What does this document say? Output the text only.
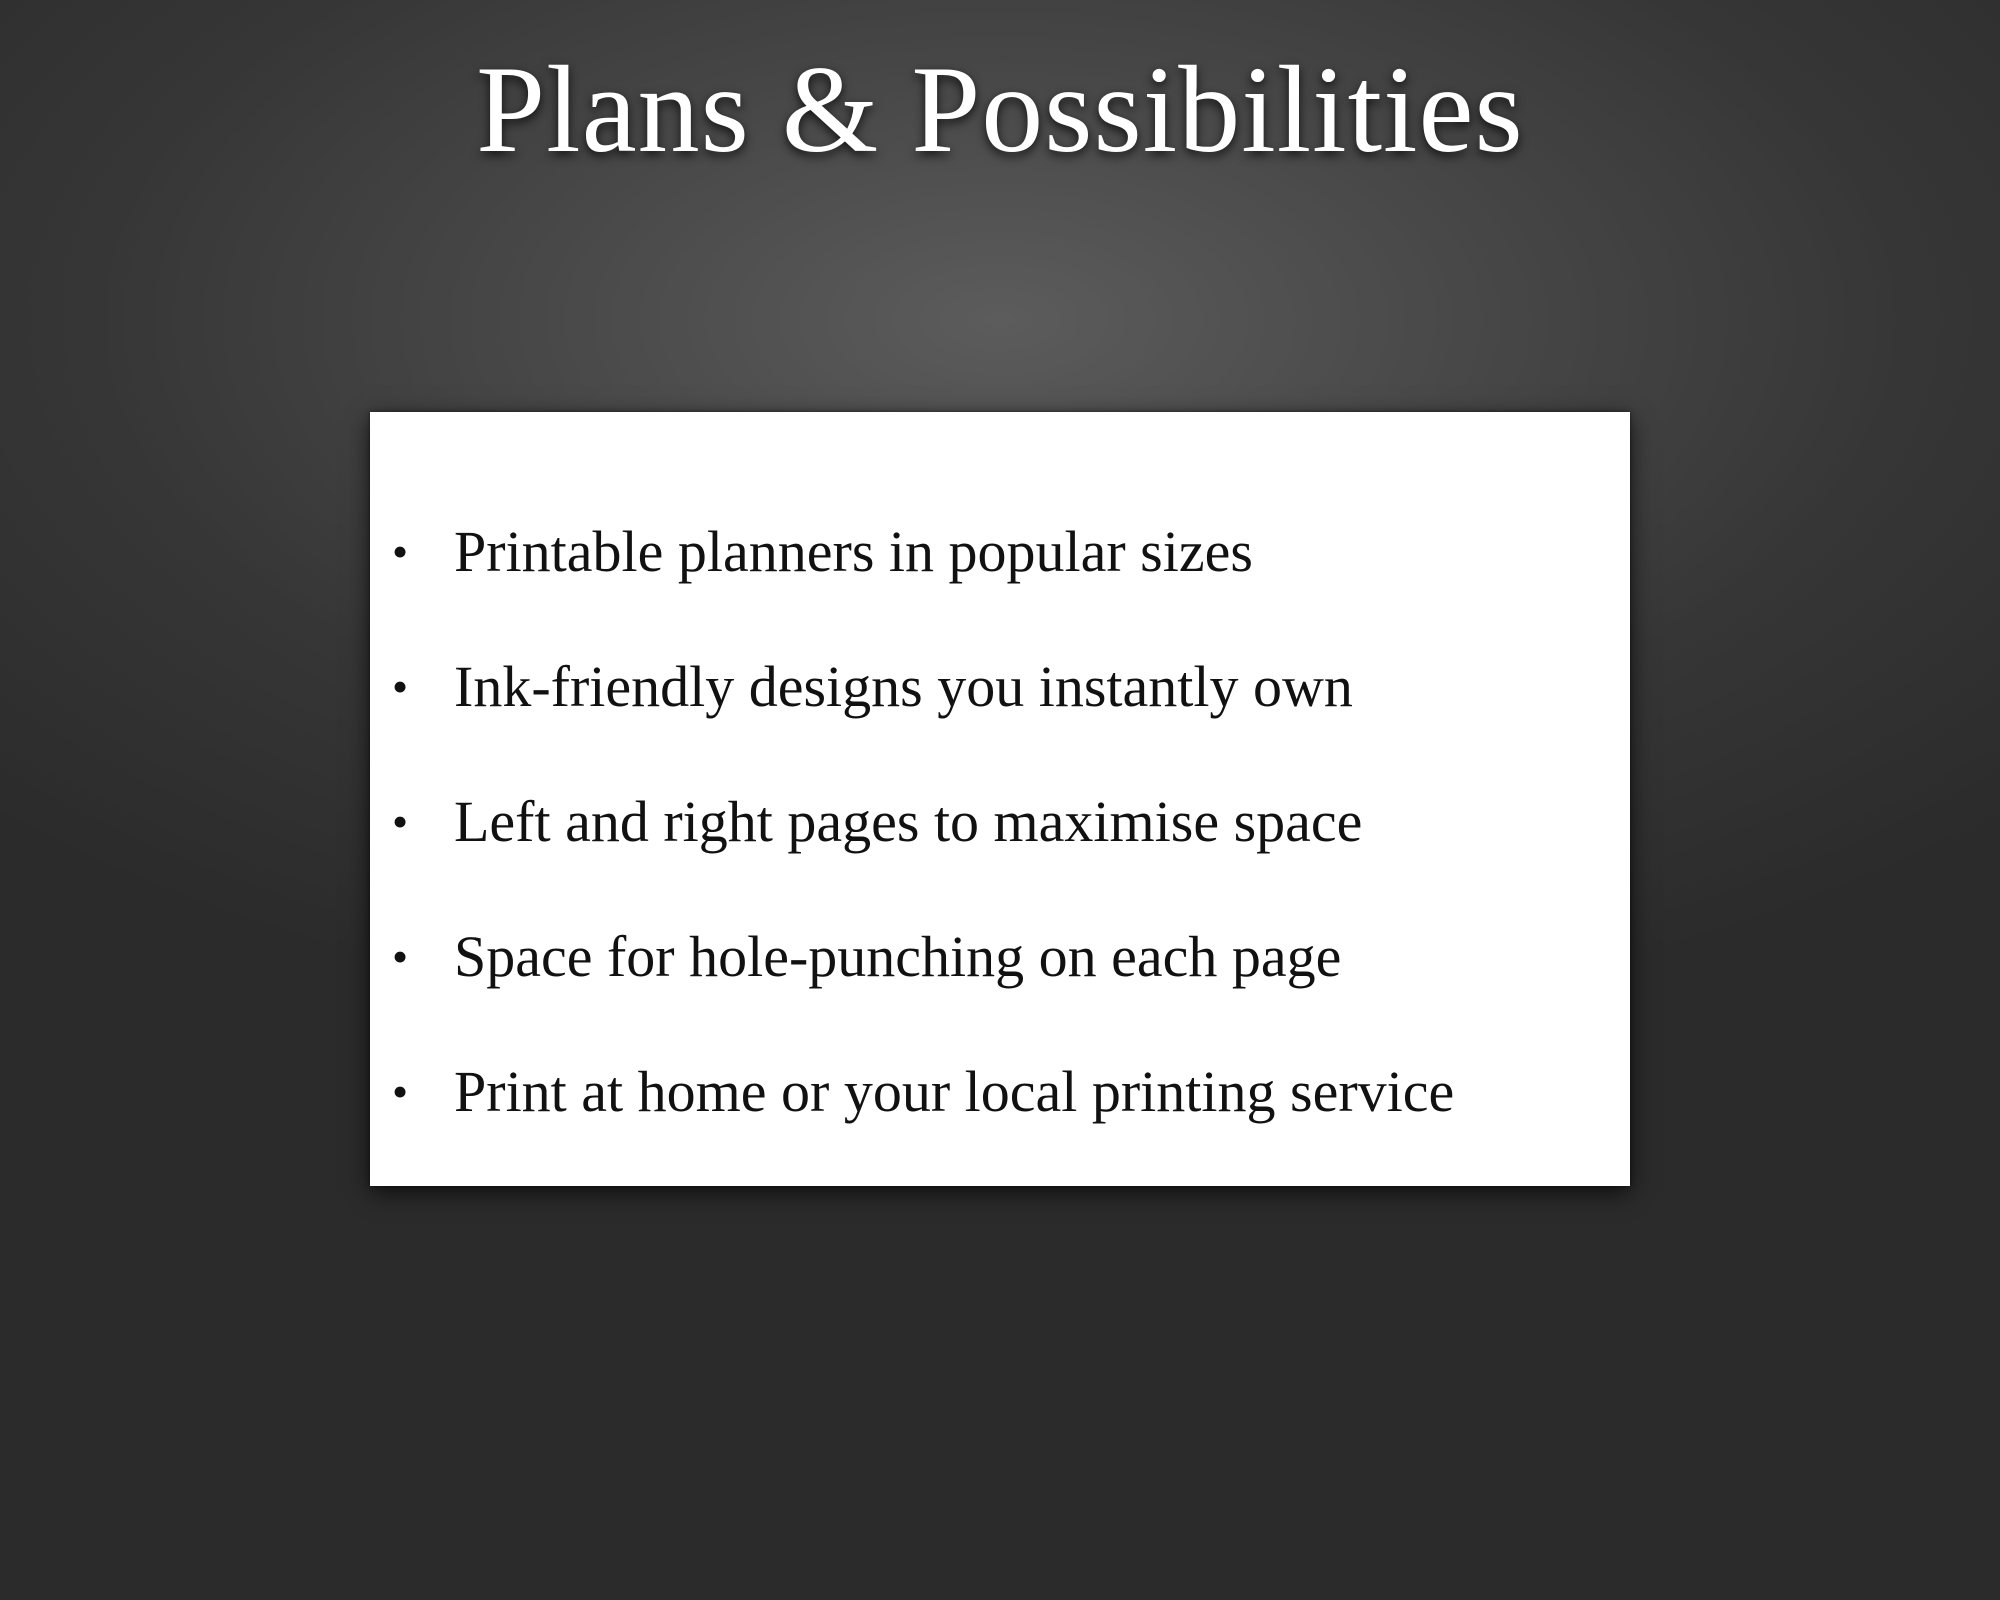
Plans & Possibilities
• Printable planners in popular sizes
• Ink-friendly designs you instantly own
• Left and right pages to maximise space
• Space for hole-punching on each page
• Print at home or your local printing service
